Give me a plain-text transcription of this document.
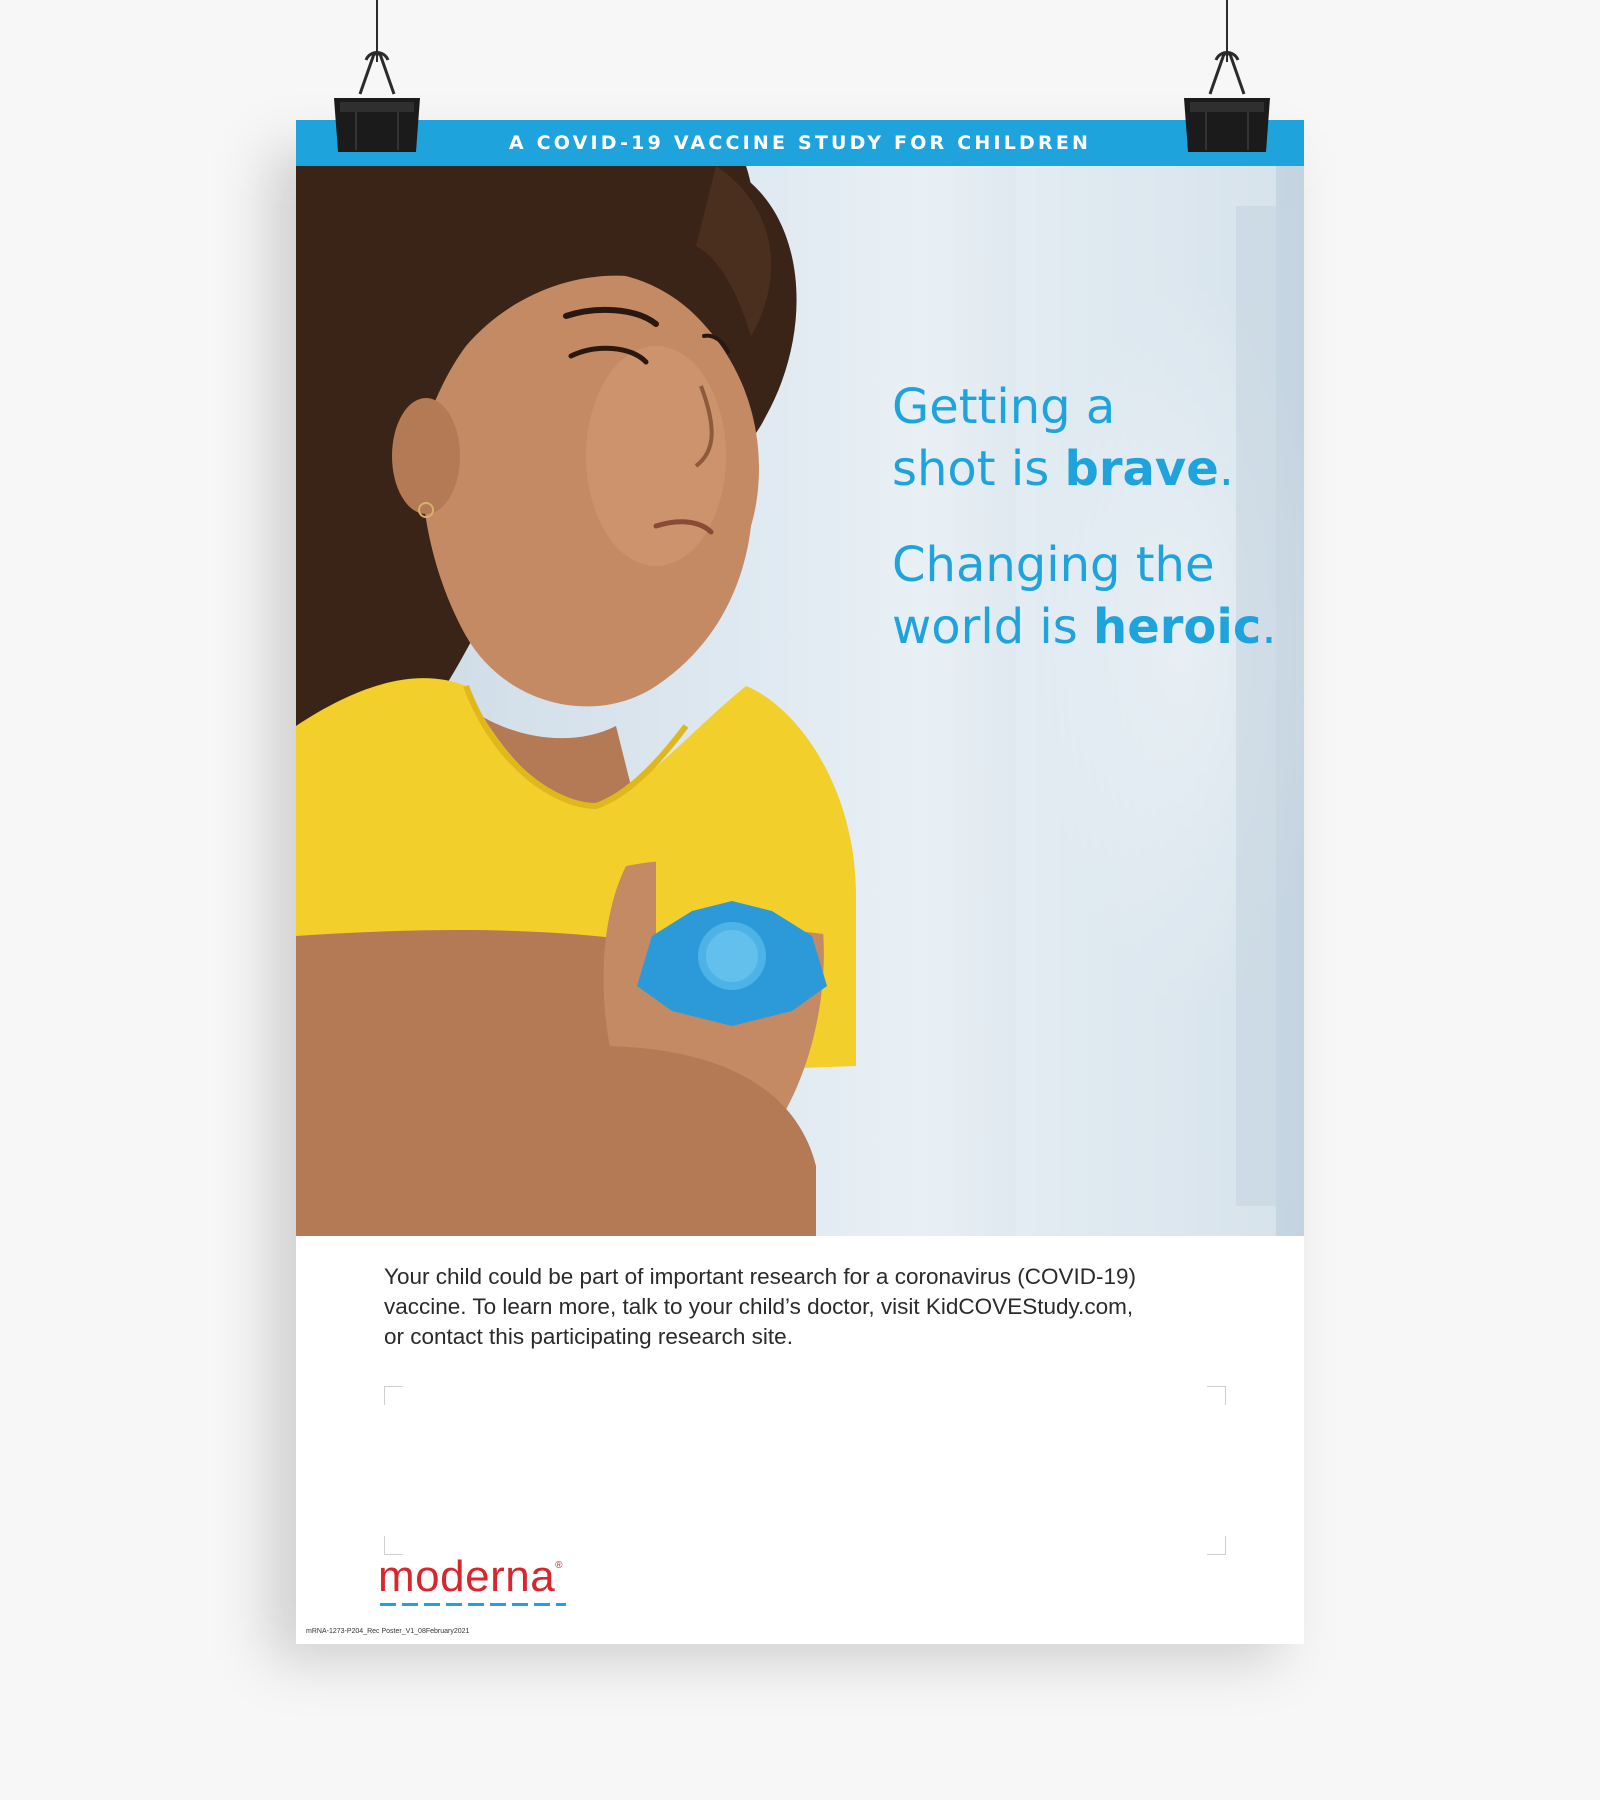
A COVID-19 VACCINE STUDY FOR CHILDREN

Getting a
shot is brave.

Changing the
world is heroic.

Your child could be part of important research for a coronavirus (COVID-19)
vaccine. To learn more, talk to your child’s doctor, visit KidCOVEStudy.com,
or contact this participating research site.
moderna®
mRNA-1273-P204_Rec Poster_V1_08February2021
